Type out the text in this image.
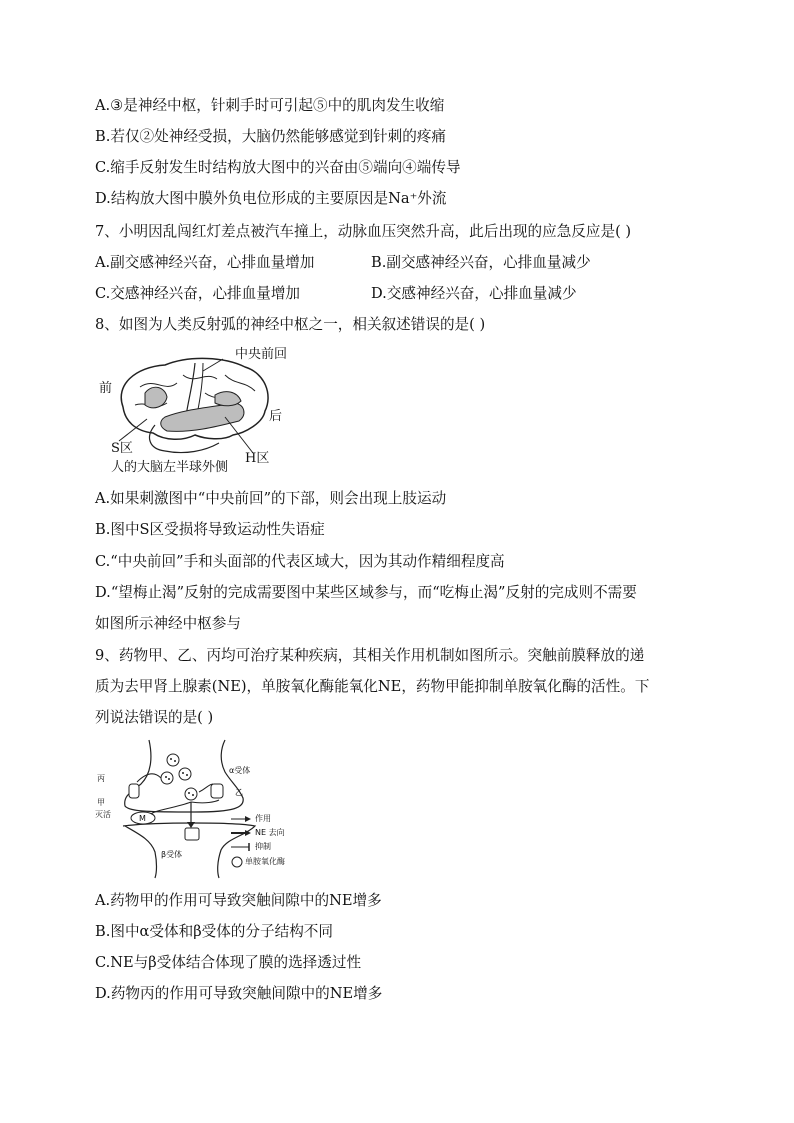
A.③是神经中枢，针刺手时可引起⑤中的肌肉发生收缩
B.若仅②处神经受损，大脑仍然能够感觉到针刺的疼痛
C.缩手反射发生时结构放大图中的兴奋由⑤端向④端传导
D.结构放大图中膜外负电位形成的主要原因是Na⁺外流
7、小明因乱闯红灯差点被汽车撞上，动脉血压突然升高，此后出现的应急反应是( )
A.副交感神经兴奋，心排血量增加	B.副交感神经兴奋，心排血量减少
C.交感神经兴奋，心排血量增加	D.交感神经兴奋，心排血量减少
8、如图为人类反射弧的神经中枢之一，相关叙述错误的是( )
中央前回
前
后
S区
H区
人的大脑左半球外侧
A.如果刺激图中“中央前回”的下部，则会出现上肢运动
B.图中S区受损将导致运动性失语症
C.“中央前回”手和头面部的代表区域大，因为其动作精细程度高
D.“望梅止渴”反射的完成需要图中某些区域参与，而“吃梅止渴”反射的完成则不需要
如图所示神经中枢参与
9、药物甲、乙、丙均可治疗某种疾病，其相关作用机制如图所示。突触前膜释放的递
质为去甲肾上腺素(NE)，单胺氧化酶能氧化NE，药物甲能抑制单胺氧化酶的活性。下
列说法错误的是( )
丙
甲
灭活
α受体
乙
β受体
M	作用
NE 去向
抑制
单胺氧化酶
A.药物甲的作用可导致突触间隙中的NE增多
B.图中α受体和β受体的分子结构不同
C.NE与β受体结合体现了膜的选择透过性
D.药物丙的作用可导致突触间隙中的NE增多
